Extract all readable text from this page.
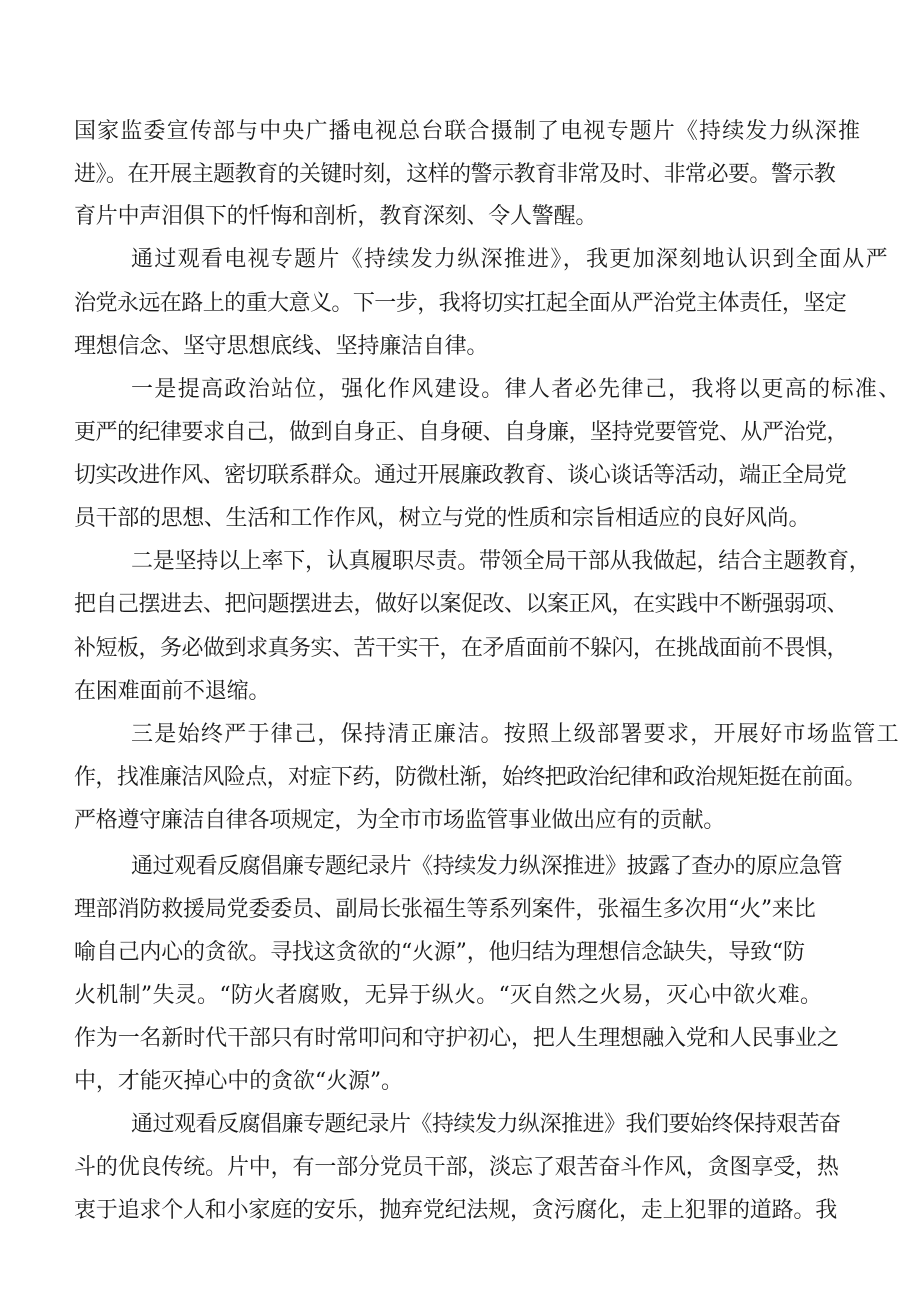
国家监委宣传部与中央广播电视总台联合摄制了电视专题片《持续发力纵深推
进》。在开展主题教育的关键时刻，这样的警示教育非常及时、非常必要。警示教
育片中声泪俱下的忏悔和剖析，教育深刻、令人警醒。
通过观看电视专题片《持续发力纵深推进》，我更加深刻地认识到全面从严
治党永远在路上的重大意义。下一步，我将切实扛起全面从严治党主体责任，坚定
理想信念、坚守思想底线、坚持廉洁自律。
一是提高政治站位，强化作风建设。律人者必先律己，我将以更高的标准、
更严的纪律要求自己，做到自身正、自身硬、自身廉，坚持党要管党、从严治党，
切实改进作风、密切联系群众。通过开展廉政教育、谈心谈话等活动，端正全局党
员干部的思想、生活和工作作风，树立与党的性质和宗旨相适应的良好风尚。
二是坚持以上率下，认真履职尽责。带领全局干部从我做起，结合主题教育，
把自己摆进去、把问题摆进去，做好以案促改、以案正风，在实践中不断强弱项、
补短板，务必做到求真务实、苦干实干，在矛盾面前不躲闪，在挑战面前不畏惧，
在困难面前不退缩。
三是始终严于律己，保持清正廉洁。按照上级部署要求，开展好市场监管工
作，找准廉洁风险点，对症下药，防微杜渐，始终把政治纪律和政治规矩挺在前面。
严格遵守廉洁自律各项规定，为全市市场监管事业做出应有的贡献。
通过观看反腐倡廉专题纪录片《持续发力纵深推进》披露了查办的原应急管
理部消防救援局党委委员、副局长张福生等系列案件，张福生多次用“火”来比
喻自己内心的贪欲。寻找这贪欲的“火源”，他归结为理想信念缺失，导致“防
火机制”失灵。“防火者腐败，无异于纵火。“灭自然之火易，灭心中欲火难。
作为一名新时代干部只有时常叩问和守护初心，把人生理想融入党和人民事业之
中，才能灭掉心中的贪欲“火源”。
通过观看反腐倡廉专题纪录片《持续发力纵深推进》我们要始终保持艰苦奋
斗的优良传统。片中，有一部分党员干部，淡忘了艰苦奋斗作风，贪图享受，热
衷于追求个人和小家庭的安乐，抛弃党纪法规，贪污腐化，走上犯罪的道路。我
